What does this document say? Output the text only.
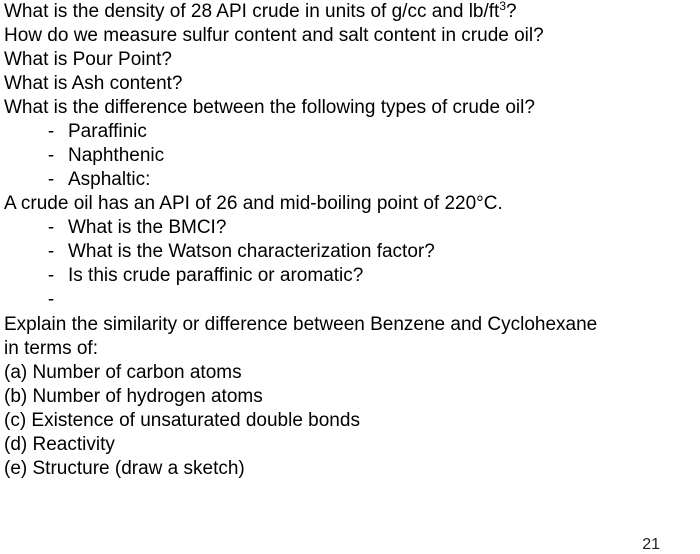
What is the density of 28 API crude in units of g/cc and $lb/ft^3$?
How do we measure sulfur content and salt content in crude oil?
What is Pour Point?
What is Ash content?
What is the difference between the following types of crude oil?
- Paraffinic
- Naphthenic
- Asphaltic:
A crude oil has an API of 26 and mid-boiling point of 220°C.
- What is the BMCI?
- What is the Watson characterization factor?
- Is this crude paraffinic or aromatic?
-
Explain the similarity or difference between Benzene and Cyclohexane
in terms of:
(a) Number of carbon atoms
(b) Number of hydrogen atoms
(c) Existence of unsaturated double bonds
(d) Reactivity
(e) Structure (draw a sketch)
21
